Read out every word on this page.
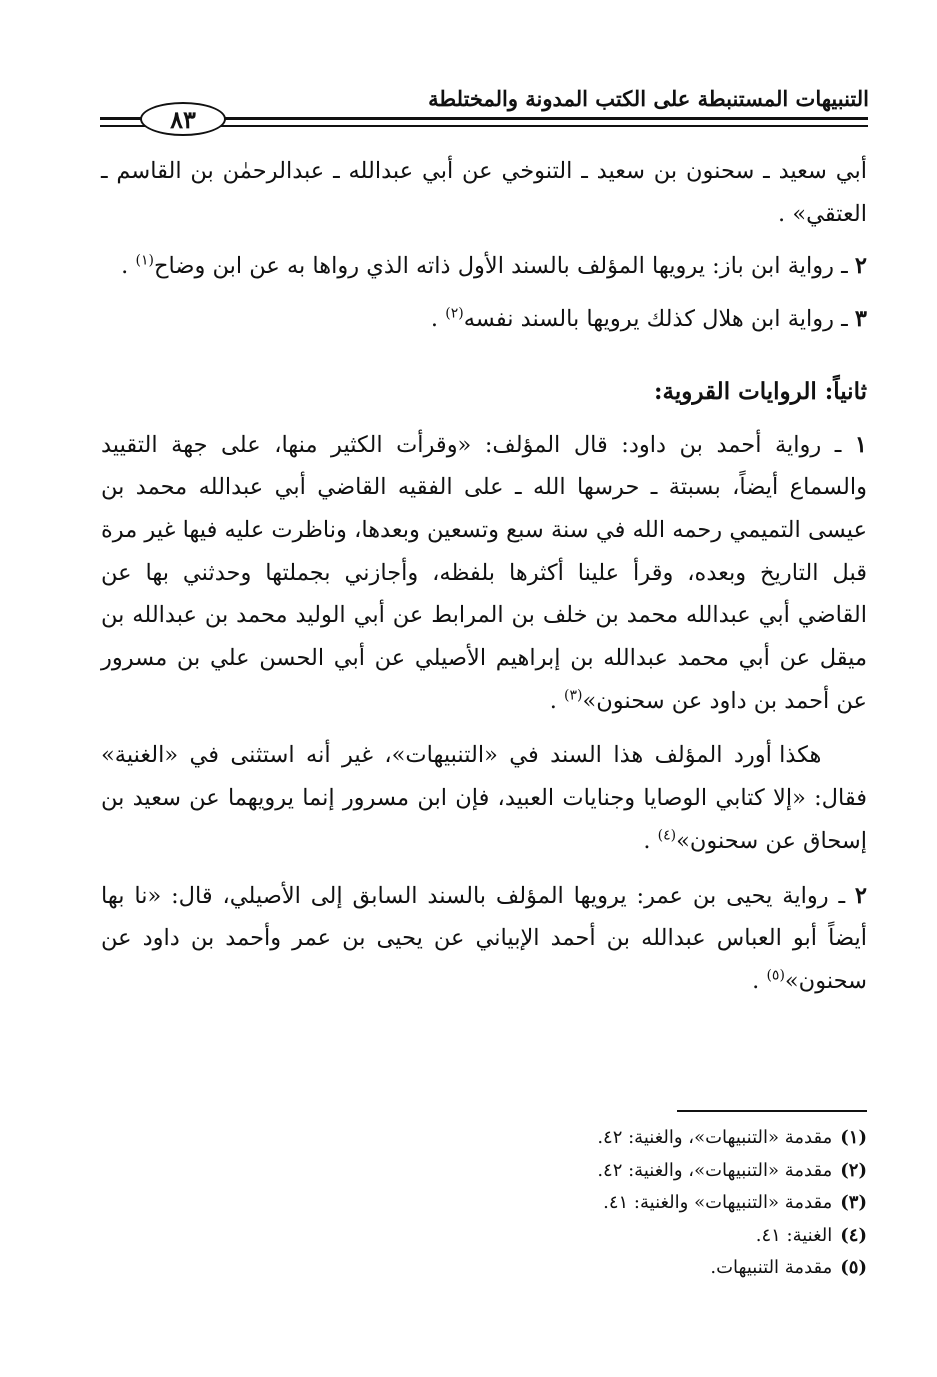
التنبيهات المستنبطة على الكتب المدونة والمختلطة
٨٣

أبي سعيد ـ سحنون بن سعيد ـ التنوخي عن أبي عبدالله ـ عبدالرحمٰن بن القاسم ـ العتقي» .

٢ ـ رواية ابن باز: يرويها المؤلف بالسند الأول ذاته الذي رواها به عن ابن وضاح$^{(١)}$ .

٣ ـ رواية ابن هلال كذلك يرويها بالسند نفسه$^{(٢)}$ .

ثانياً: الروايات القروية:

١ ـ رواية أحمد بن داود: قال المؤلف: «وقرأت الكثير منها، على جهة التقييد والسماع أيضاً، بسبتة ـ حرسها الله ـ على الفقيه القاضي أبي عبدالله محمد بن عيسى التميمي رحمه الله في سنة سبع وتسعين وبعدها، وناظرت عليه فيها غير مرة قبل التاريخ وبعده، وقرأ علينا أكثرها بلفظه، وأجازني بجملتها وحدثني بها عن القاضي أبي عبدالله محمد بن خلف بن المرابط عن أبي الوليد محمد بن عبدالله بن ميقل عن أبي محمد عبدالله بن إبراهيم الأصيلي عن أبي الحسن علي بن مسرور عن أحمد بن داود عن سحنون»$^{(٣)}$ .

هكذا أورد المؤلف هذا السند في «التنبيهات»، غير أنه استثنى في «الغنية» فقال: «إلا كتابي الوصايا وجنايات العبيد، فإن ابن مسرور إنما يرويهما عن سعيد بن إسحاق عن سحنون»$^{(٤)}$ .

٢ ـ رواية يحيى بن عمر: يرويها المؤلف بالسند السابق إلى الأصيلي، قال: «نا بها أيضاً أبو العباس عبدالله بن أحمد الإبياني عن يحيى بن عمر وأحمد بن داود عن سحنون»$^{(٥)}$ .

(١)مقدمة «التنبيهات»، والغنية: ٤٢.

(٢)مقدمة «التنبيهات»، والغنية: ٤٢.

(٣)مقدمة «التنبيهات» والغنية: ٤١.

(٤)الغنية: ٤١.

(٥)مقدمة التنبيهات.
